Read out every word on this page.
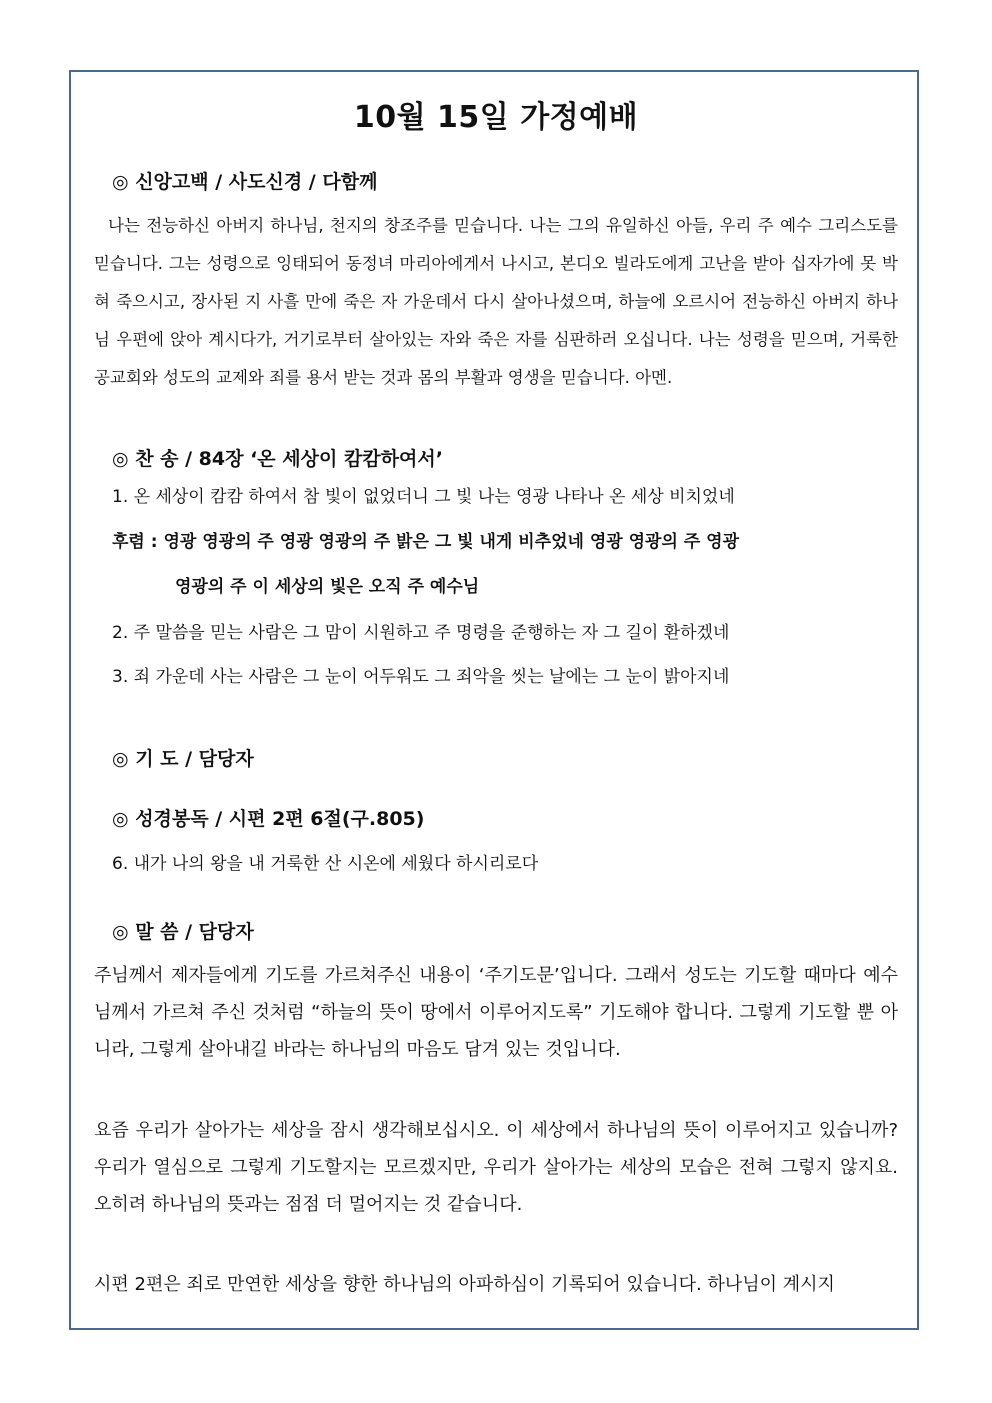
10월 15일 가정예배
◎ 신앙고백 / 사도신경 / 다함께
나는 전능하신 아버지 하나님, 천지의 창조주를 믿습니다. 나는 그의 유일하신 아들, 우리 주 예수 그리스도를 믿습니다. 그는 성령으로 잉태되어 동정녀 마리아에게서 나시고, 본디오 빌라도에게 고난을 받아 십자가에 못 박혀 죽으시고, 장사된 지 사흘 만에 죽은 자 가운데서 다시 살아나셨으며, 하늘에 오르시어 전능하신 아버지 하나님 우편에 앉아 계시다가, 거기로부터 살아있는 자와 죽은 자를 심판하러 오십니다. 나는 성령을 믿으며, 거룩한 공교회와 성도의 교제와 죄를 용서 받는 것과 몸의 부활과 영생을 믿습니다. 아멘.
◎ 찬 송 / 84장 ‘온 세상이 캄캄하여서’
1. 온 세상이 캄캄 하여서 참 빛이 없었더니 그 빛 나는 영광 나타나 온 세상 비치었네
후렴 : 영광 영광의 주 영광 영광의 주 밝은 그 빛 내게 비추었네 영광 영광의 주 영광
영광의 주 이 세상의 빛은 오직 주 예수님
2. 주 말씀을 믿는 사람은 그 맘이 시원하고 주 명령을 준행하는 자 그 길이 환하겠네
3. 죄 가운데 사는 사람은 그 눈이 어두워도 그 죄악을 씻는 날에는 그 눈이 밝아지네
◎ 기 도 / 담당자
◎ 성경봉독 / 시편 2편 6절(구.805)
6. 내가 나의 왕을 내 거룩한 산 시온에 세웠다 하시리로다
◎ 말 씀 / 담당자
주님께서 제자들에게 기도를 가르쳐주신 내용이 ‘주기도문’입니다. 그래서 성도는 기도할 때마다 예수님께서 가르쳐 주신 것처럼 “하늘의 뜻이 땅에서 이루어지도록” 기도해야 합니다. 그렇게 기도할 뿐 아니라, 그렇게 살아내길 바라는 하나님의 마음도 담겨 있는 것입니다.
요즘 우리가 살아가는 세상을 잠시 생각해보십시오. 이 세상에서 하나님의 뜻이 이루어지고 있습니까? 우리가 열심으로 그렇게 기도할지는 모르겠지만, 우리가 살아가는 세상의 모습은 전혀 그렇지 않지요. 오히려 하나님의 뜻과는 점점 더 멀어지는 것 같습니다.
시편 2편은 죄로 만연한 세상을 향한 하나님의 아파하심이 기록되어 있습니다. 하나님이 계시지
